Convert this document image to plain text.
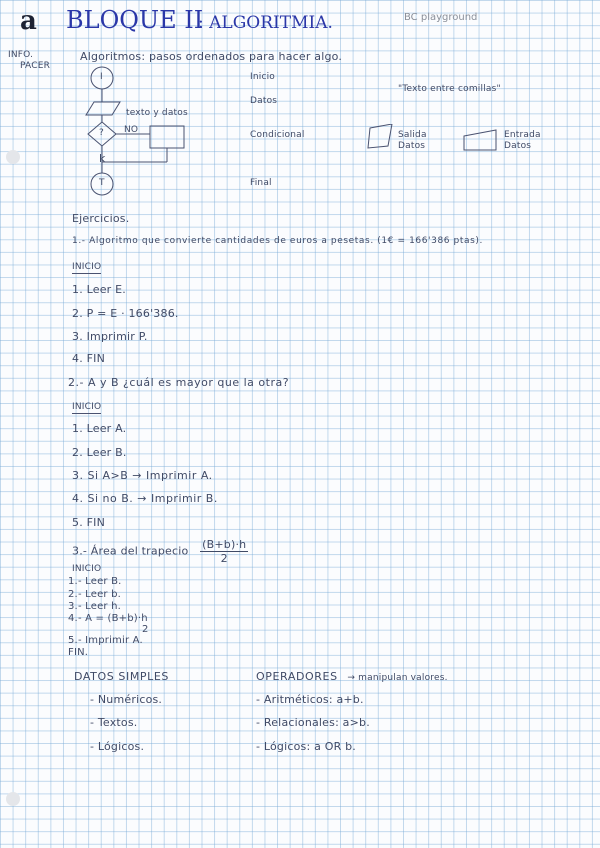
a BLOQUE II
: ALGORITMIA.	BC playground
INFO.
PACER
Algoritmos: pasos ordenados para hacer algo.
I
texto y datos
? NO
k
T
Inicio
Datos
Condicional
Final
"Texto entre comillas"
Salida
Datos
Entrada
Datos
Ejercicios.
1.- Algoritmo que convierte cantidades de euros a pesetas. (1€ = 166'386 ptas).
INICIO
1. Leer E.
2. P = E · 166'386.
3. Imprimir P.
4. FIN
2.- A y B ¿cuál es mayor que la otra?
INICIO
1. Leer A.
2. Leer B.
3. Si A>B → Imprimir A.
4. Si no B. → Imprimir B.
5. FIN
3.- Área del trapecio $\frac{(B+b)\cdot h}{2}$
INICIO
1.- Leer B.
2.- Leer b.
3.- Leer h.
4.- A = (B+b)·h
2
5.- Imprimir A.
FIN.
DATOS SIMPLES
- Numéricos.
- Textos.
- Lógicos.
OPERADORES → manipulan valores.
- Aritméticos: a+b.
- Relacionales: a>b.
- Lógicos: a OR b.
